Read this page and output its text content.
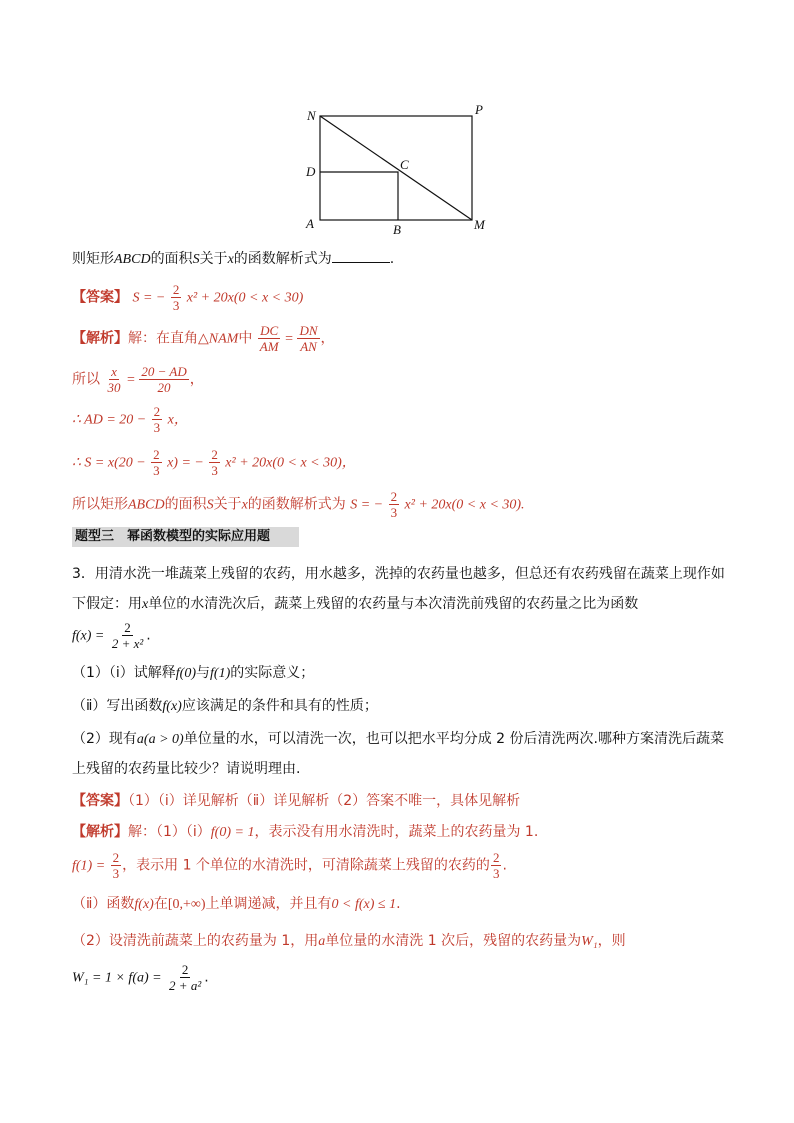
N	P
D	C
A	B	M
则矩形ABCD的面积S关于x的函数解析式为	.
【答案】 S = − $\frac{2}{3} x^2 + 20x(0 < x < 30)$
【解析】解：在直角△NAM中 $\frac{DC}{AM} = \frac{DN}{AN}$ ，
所以 $\frac{x}{30} = \frac{20 - AD}{20}$ ，
∴ AD = $20 - \frac{2}{3}$ x，
∴ $S = x(20 - \frac{2}{3} x)$ = − $\frac{2}{3} x^2 + 20x(0 < x < 30)$，
所以矩形ABCD的面积S关于x的函数解析式为 S = − $\frac{2}{3} x^2 + 20x(0 < x < 30)$.
题型三　幂函数模型的实际应用题
3．用清水洗一堆蔬菜上残留的农药，用水越多，洗掉的农药量也越多，但总还有农药残留在蔬菜上现作如
下假定：用x单位的水清洗次后，蔬菜上残留的农药量与本次清洗前残留的农药量之比为函数
$f(x) = \frac{2}{\text{2 + x²}}$ .
（1）（ⅰ）试解释f(0)与f(1)的实际意义；
（ⅱ）写出函数f(x)应该满足的条件和具有的性质；
（2）现有a(a > 0)单位量的水，可以清洗一次，也可以把水平均分成 2 份后清洗两次.哪种方案清洗后蔬菜
上残留的农药量比较少？请说明理由.
【答案】（1）（ⅰ）详见解析（ⅱ）详见解析（2）答案不唯一，具体见解析
【解析】解：（1）（ⅰ）f(0) = 1，表示没有用水清洗时，蔬菜上的农药量为 1.
$f(1) = \frac{2}{3}$ ，表示用 1 个单位的水清洗时，可清除蔬菜上残留的农药的 $\frac{2}{3}$ .
（ⅱ）函数f(x)在[0,+∞)上单调递减，并且有0 < f(x) ≤ 1.
（2）设清洗前蔬菜上的农药量为 1，用a单位量的水清洗 1 次后，残留的农药量为W₁，则
$W_1 = 1 \times f(a) = \frac{2}{\text{2 + a²}}$ .
